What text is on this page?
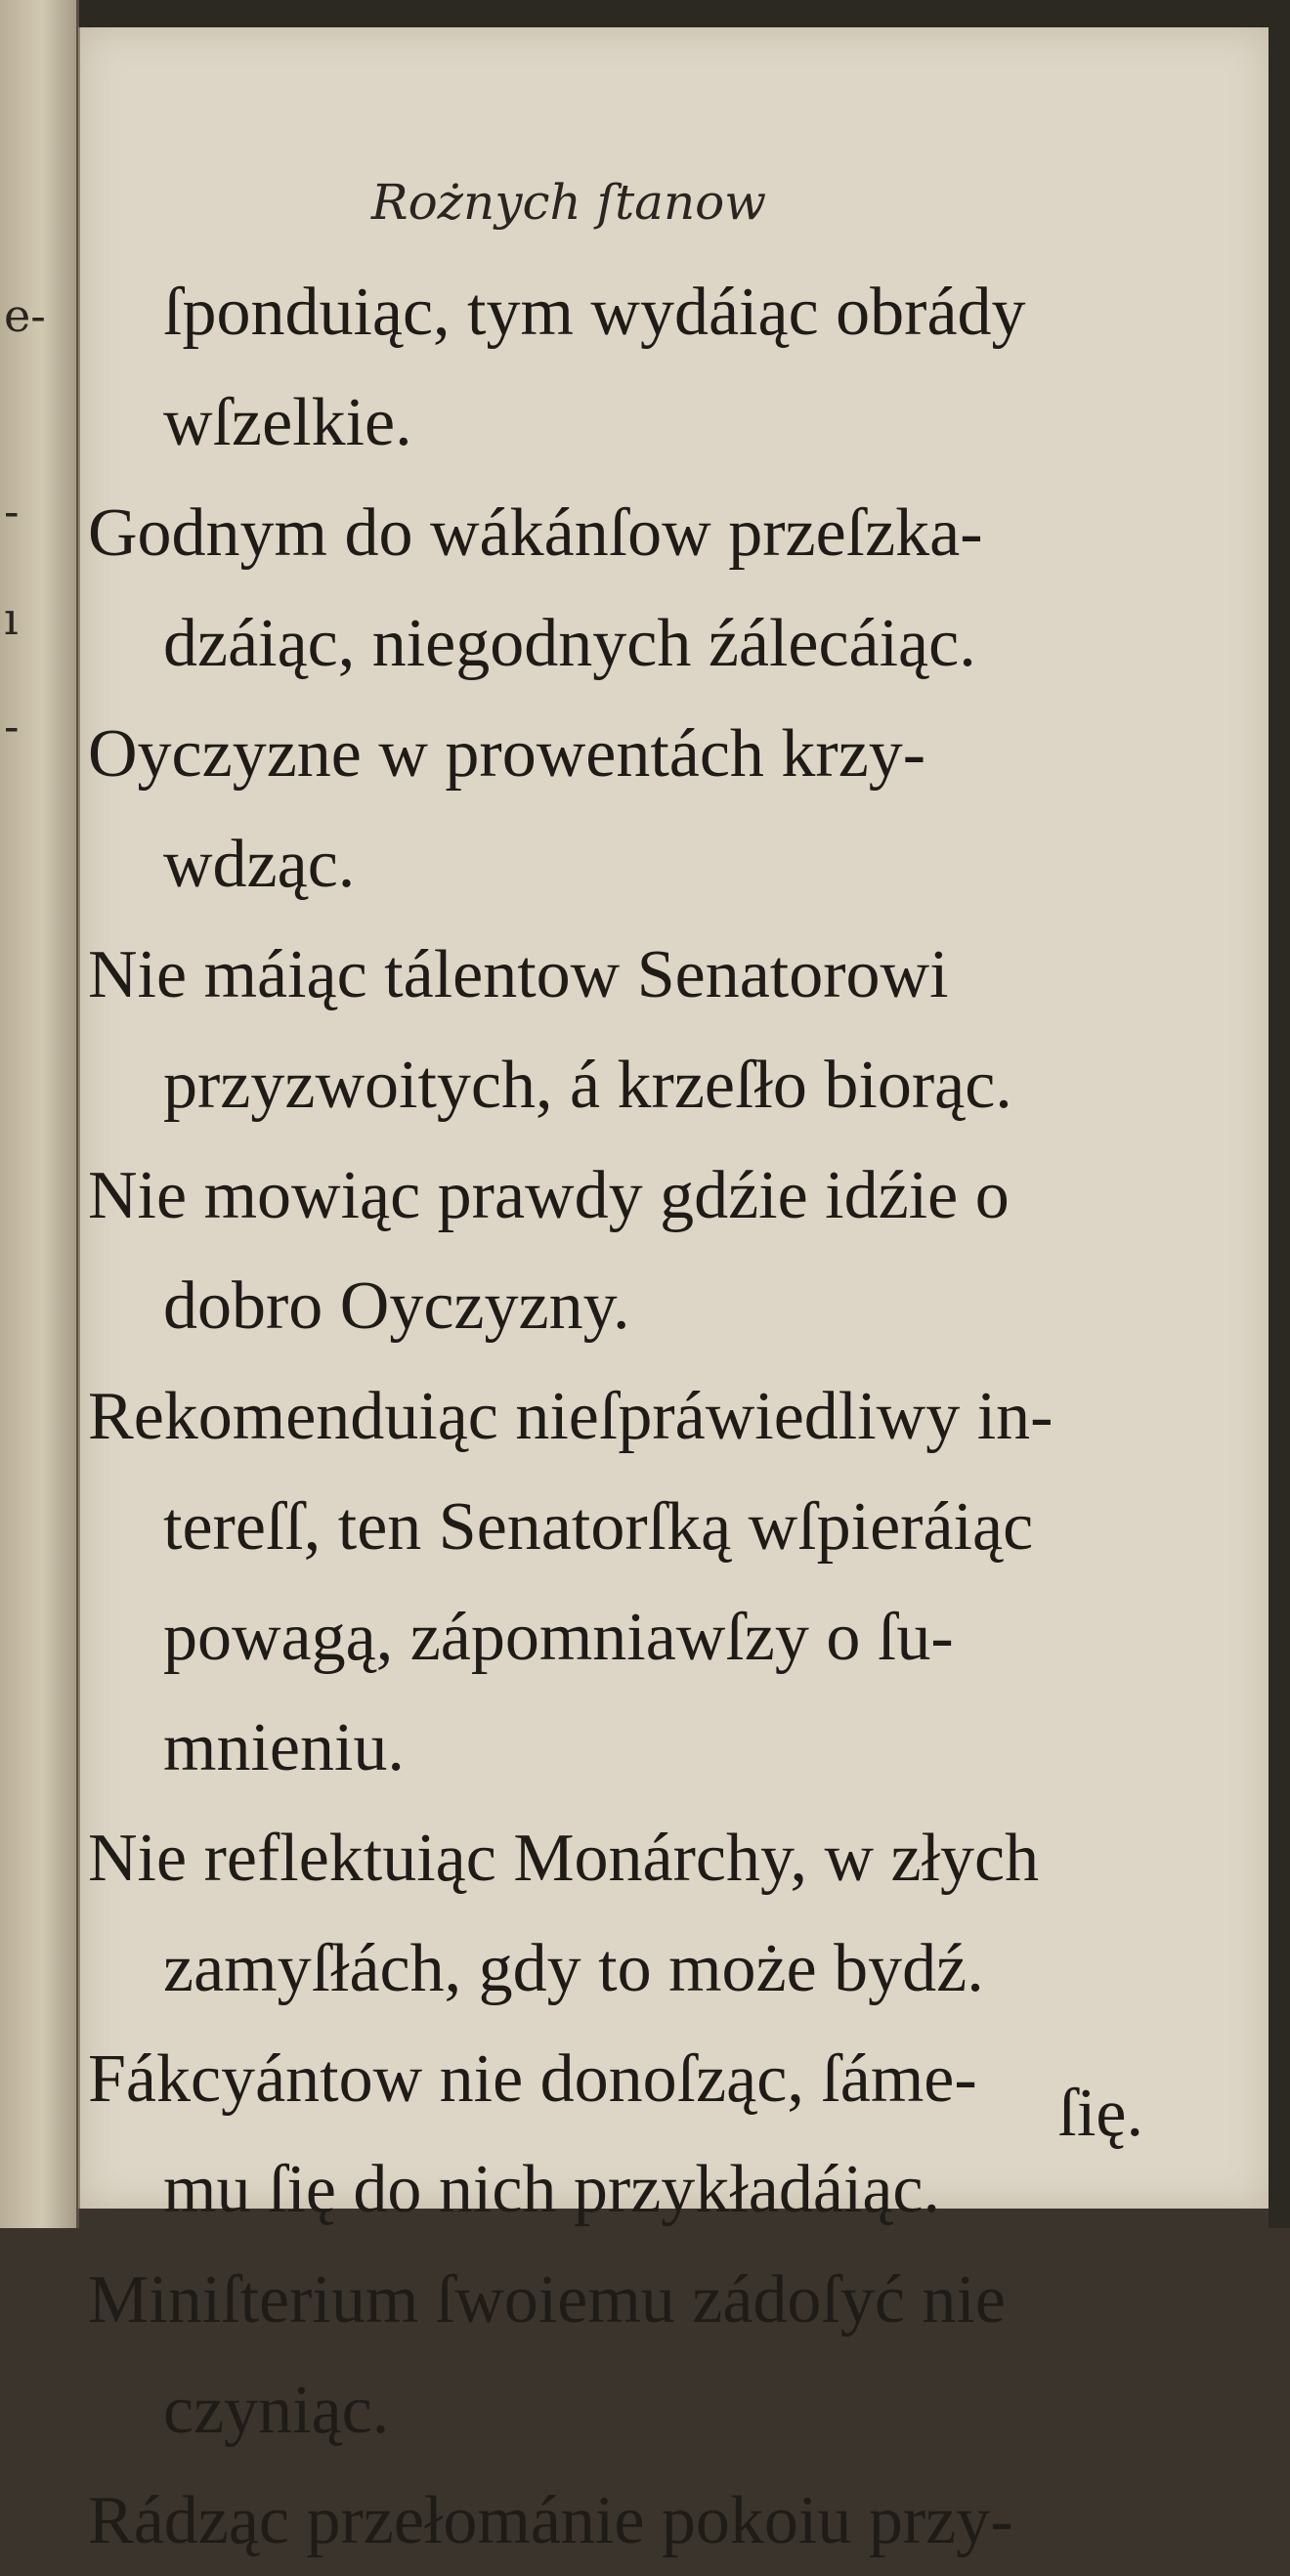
e-
-
ı
-
Rożnych ſtanow
ſponduiąc, tym wydáiąc obrády
wſzelkie.
Godnym do wákánſow przeſzka-
dzáiąc, niegodnych źálecáiąc.
Oyczyzne w prowentách krzy-
wdząc.
Nie máiąc tálentow Senatorowi
przyzwoitych, á krzeſło biorąc.
Nie mowiąc prawdy gdźie idźie o
dobro Oyczyzny.
Rekomenduiąc nieſpráwiedliwy in-
tereſſ, ten Senatorſką wſpieráiąc
powagą, zápomniawſzy o ſu-
mnieniu.
Nie reflektuiąc Monárchy, w złych
zamyſłách, gdy to może bydź.
Fákcyántow nie donoſząc, ſáme-
mu ſię do nich przykładáiąc.
Miniſterium ſwoiemu zádoſyć nie
czyniąc.
Rádząc przełománie pokoiu przy-
ſię.
